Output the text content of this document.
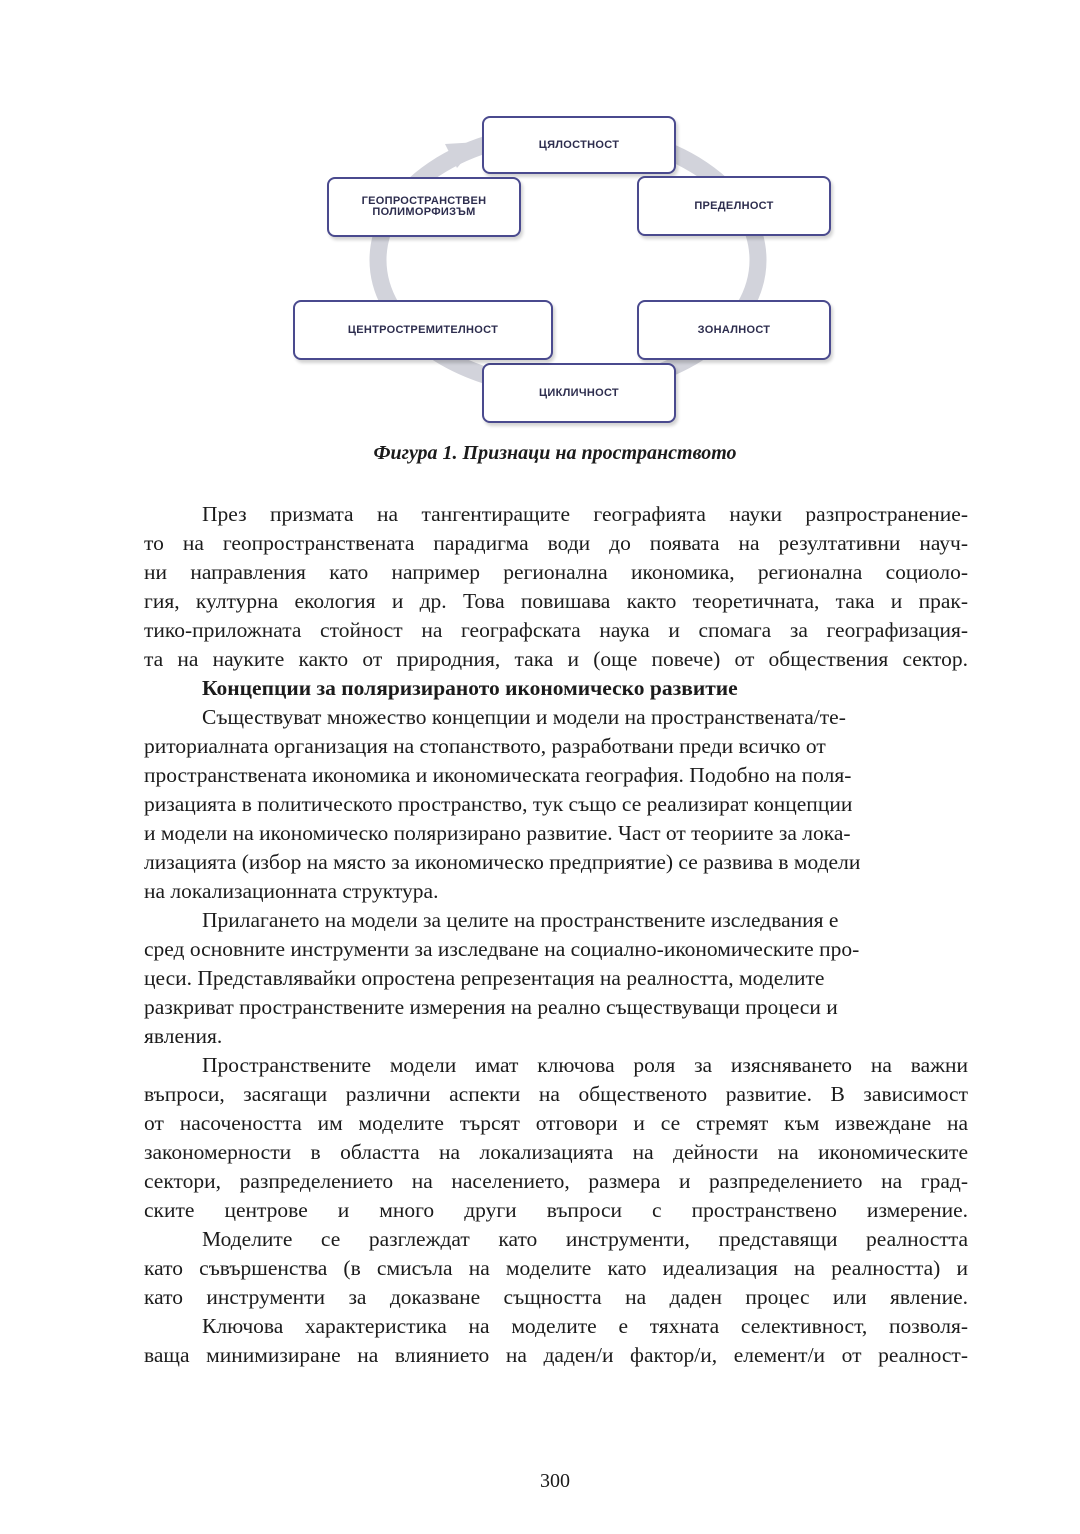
ЦЯЛОСТНОСТ
ПРЕДЕЛНОСТ
ЗОНАЛНОСТ
ЦИКЛИЧНОСТ
ЦЕНТРОСТРЕМИТЕЛНОСТ
ГЕОПРОСТРАНСТВЕН
ПОЛИМОРФИЗЪМ
Фигура 1. Признаци на пространството

През призмата на тангентиращите географията науки разпространение-
то на геопространствената парадигма води до появата на резултативни науч-
ни направления като например регионална икономика, регионална социоло-
гия, културна екология и др. Това повишава както теоретичната, така и прак-
тико-приложната стойност на географската наука и спомага за географизация-
та на науките както от природния, така и (още повече) от обществения сектор.

Концепции за поляризираното икономическо развитие

Съществуват множество концепции и модели на пространствената/те-
риториалната организация на стопанството, разработвани преди всичко от
пространствената икономика и икономическата география. Подобно на поля-
ризацията в политическото пространство, тук също се реализират концепции
и модели на икономическо поляризирано развитие. Част от теориите за лока-
лизацията (избор на място за икономическо предприятие) се развива в модели
на локализационната структура.

Прилагането на модели за целите на пространствените изследвания е
сред основните инструменти за изследване на социално-икономическите про-
цеси. Представлявайки опростена репрезентация на реалността, моделите
разкриват пространствените измерения на реално съществуващи процеси и
явления.

Пространствените модели имат ключова роля за изясняването на важни
въпроси, засягащи различни аспекти на общественото развитие. В зависимост
от насочеността им моделите търсят отговори и се стремят към извеждане на
закономерности в областта на локализацията на дейности на икономическите
сектори, разпределението на населението, размера и разпределението на град-
ските центрове и много други въпроси с пространствено измерение.

Моделите се разглеждат като инструменти, представящи реалността
като съвършенства (в смисъла на моделите като идеализация на реалността) и
като инструменти за доказване същността на даден процес или явление.

Ключова характеристика на моделите е тяхната селективност, позволя-
ваща минимизиране на влиянието на даден/и фактор/и, елемент/и от реалност-

300
